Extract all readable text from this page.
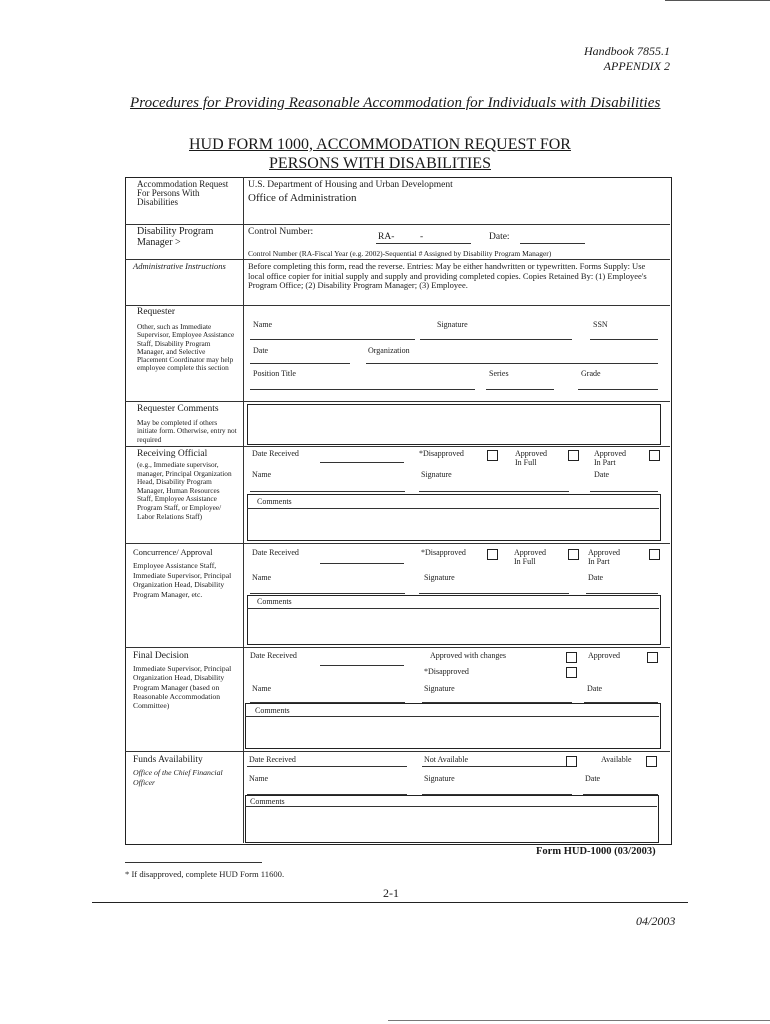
Handbook 7855.1
APPENDIX 2
Procedures for Providing Reasonable Accommodation for Individuals with Disabilities
HUD FORM 1000, ACCOMMODATION REQUEST FOR
PERSONS WITH DISABILITIES
Accommodation Request For Persons With Disabilities
U.S. Department of Housing and Urban Development
Office of Administration
Disability Program Manager >
Control Number:	RA-	-	Date:
Control Number (RA-Fiscal Year (e.g. 2002)-Sequential # Assigned by Disability Program Manager)
Administrative Instructions	Before completing this form, read the reverse. Entries: May be either handwritten or typewritten. Forms Supply: Use local office copier for initial supply and supply and providing completed copies. Copies Retained By: (1) Employee's Program Office; (2) Disability Program Manager; (3) Employee.
Requester
Other, such as Immediate Supervisor, Employee Assistance Staff, Disability Program Manager, and Selective Placement Coordinator may help employee complete this section
Name	Signature	SSN
Date	Organization
Position Title	Series	Grade
Requester Comments
May be completed if others initiate form. Otherwise, entry not required
Receiving Official
(e.g., Immediate supervisor, manager, Principal Organization Head, Disability Program Manager, Human Resources Staff, Employee Assistance Program Staff, or Employee/ Labor Relations Staff)
Date Received	*Disapproved	Approved In Full
Approved In Part
Name	Signature	Date
Comments
Concurrence/ Approval
Employee Assistance Staff, Immediate Supervisor, Principal Organization Head, Disability Program Manager, etc.
Date Received	*Disapproved	Approved In Full
Approved In Part
Name	Signature	Date
Comments
Final Decision
Immediate Supervisor, Principal Organization Head, Disability Program Manager (based on Reasonable Accommodation Committee)
Date Received	Approved with changes	Approved
*Disapproved
Name	Signature	Date
Comments
Funds Availability
Office of the Chief Financial Officer
Date Received	Not Available	Available
Name	Signature	Date
Comments
Form HUD-1000 (03/2003)
* If disapproved, complete HUD Form 11600.
2-1
04/2003
